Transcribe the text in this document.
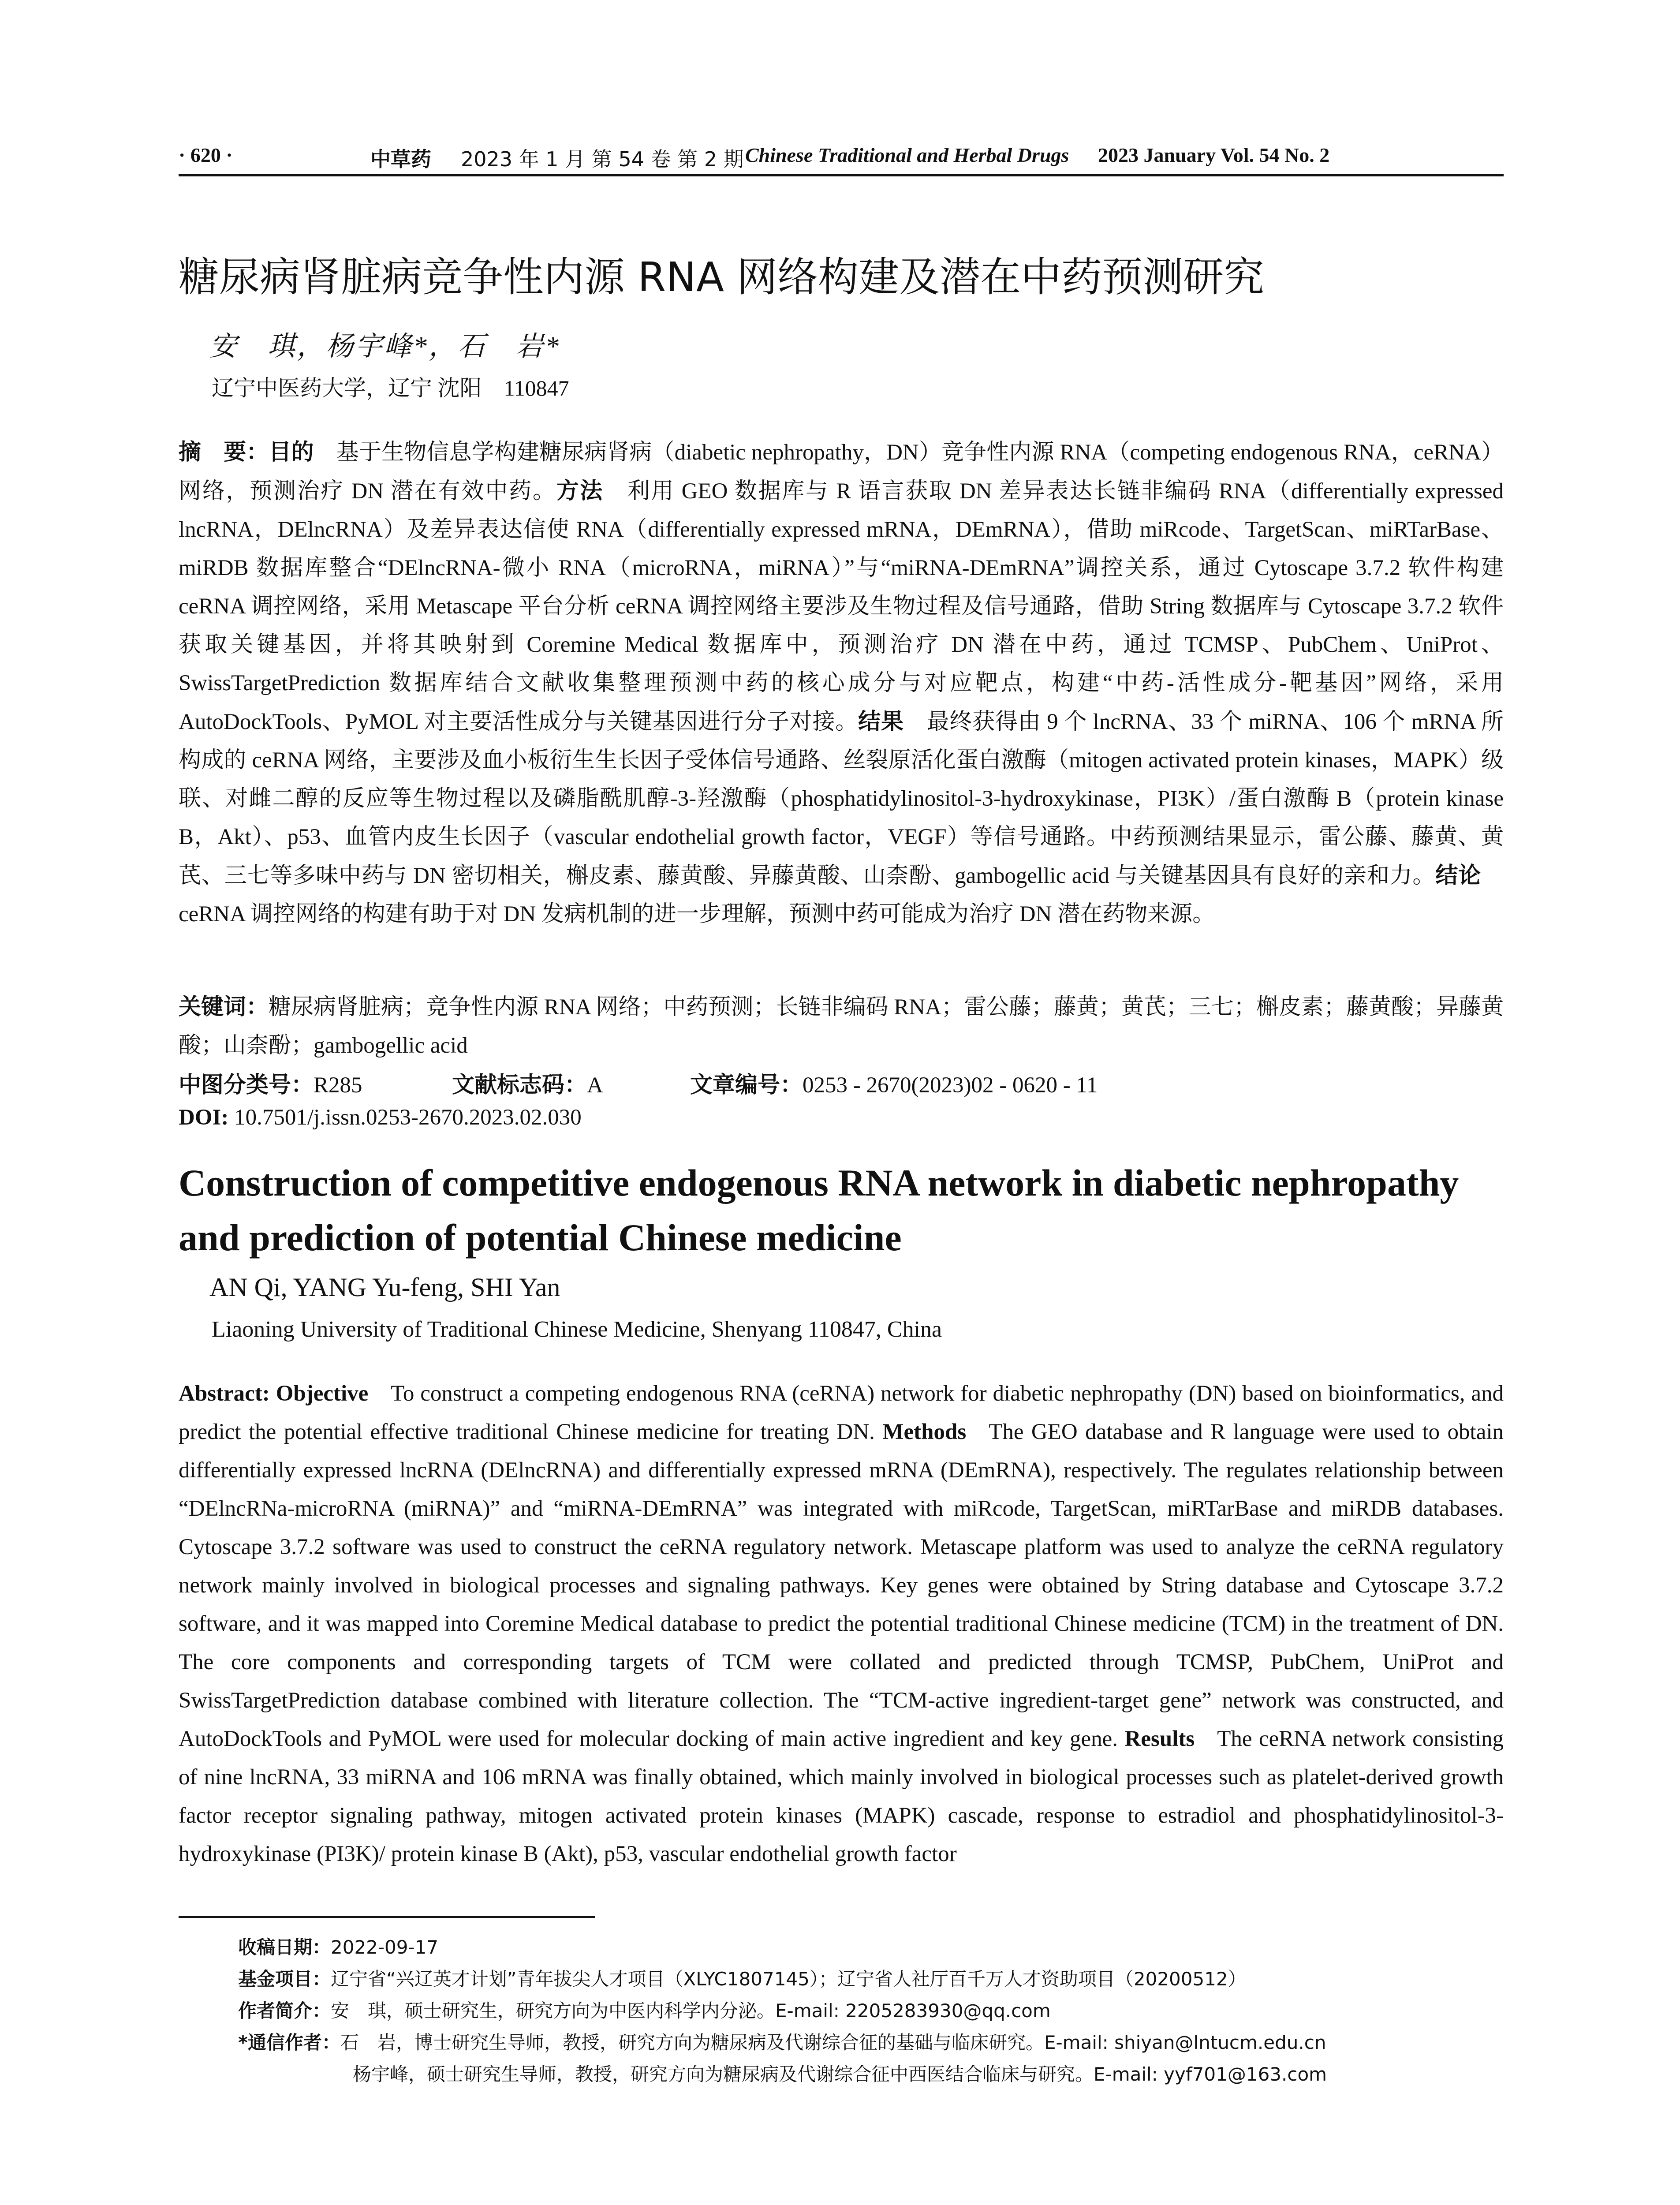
· 620 ·	中草药 2023 年 1 月 第 54 卷 第 2 期 Chinese Traditional and Herbal Drugs 2023 January Vol. 54 No. 2
糖尿病肾脏病竞争性内源 RNA 网络构建及潜在中药预测研究
安　琪，杨宇峰*，石　岩*
辽宁中医药大学，辽宁 沈阳　110847
摘　要：目的  基于生物信息学构建糖尿病肾病（diabetic nephropathy，DN）竞争性内源 RNA（competing endogenous RNA，ceRNA）网络，预测治疗 DN 潜在有效中药。方法  利用 GEO 数据库与 R 语言获取 DN 差异表达长链非编码 RNA（differentially expressed lncRNA，DElncRNA）及差异表达信使 RNA（differentially expressed mRNA，DEmRNA），借助 miRcode、TargetScan、miRTarBase、miRDB 数据库整合“DElncRNA-微小 RNA（microRNA，miRNA）”与“miRNA-DEmRNA”调控关系，通过 Cytoscape 3.7.2 软件构建 ceRNA 调控网络，采用 Metascape 平台分析 ceRNA 调控网络主要涉及生物过程及信号通路，借助 String 数据库与 Cytoscape 3.7.2 软件获取关键基因，并将其映射到 Coremine Medical 数据库中，预测治疗 DN 潜在中药，通过 TCMSP、PubChem、UniProt、SwissTargetPrediction 数据库结合文献收集整理预测中药的核心成分与对应靶点，构建“中药-活性成分-靶基因”网络，采用 AutoDockTools、PyMOL 对主要活性成分与关键基因进行分子对接。结果  最终获得由 9 个 lncRNA、33 个 miRNA、106 个 mRNA 所构成的 ceRNA 网络，主要涉及血小板衍生生长因子受体信号通路、丝裂原活化蛋白激酶（mitogen activated protein kinases，MAPK）级联、对雌二醇的反应等生物过程以及磷脂酰肌醇-3-羟激酶（phosphatidylinositol-3-hydroxykinase，PI3K）/蛋白激酶 B（protein kinase B，Akt）、p53、血管内皮生长因子（vascular endothelial growth factor，VEGF）等信号通路。中药预测结果显示，雷公藤、藤黄、黄芪、三七等多味中药与 DN 密切相关，槲皮素、藤黄酸、异藤黄酸、山柰酚、gambogellic acid 与关键基因具有良好的亲和力。结论 ceRNA 调控网络的构建有助于对 DN 发病机制的进一步理解，预测中药可能成为治疗 DN 潜在药物来源。
关键词：糖尿病肾脏病；竞争性内源 RNA 网络；中药预测；长链非编码 RNA；雷公藤；藤黄；黄芪；三七；槲皮素；藤黄酸；异藤黄酸；山柰酚；gambogellic acid
中图分类号：R285	文献标志码：A	文章编号：0253 - 2670(2023)02 - 0620 - 11
DOI: 10.7501/j.issn.0253-2670.2023.02.030
Construction of competitive endogenous RNA network in diabetic nephropathy and prediction of potential Chinese medicine
AN Qi, YANG Yu-feng, SHI Yan
Liaoning University of Traditional Chinese Medicine, Shenyang 110847, China
Abstract: Objective  To construct a competing endogenous RNA (ceRNA) network for diabetic nephropathy (DN) based on bioinformatics, and predict the potential effective traditional Chinese medicine for treating DN. Methods  The GEO database and R language were used to obtain differentially expressed lncRNA (DElncRNA) and differentially expressed mRNA (DEmRNA), respectively. The regulates relationship between “DElncRNa-microRNA (miRNA)” and “miRNA-DEmRNA” was integrated with miRcode, TargetScan, miRTarBase and miRDB databases. Cytoscape 3.7.2 software was used to construct the ceRNA regulatory network. Metascape platform was used to analyze the ceRNA regulatory network mainly involved in biological processes and signaling pathways. Key genes were obtained by String database and Cytoscape 3.7.2 software, and it was mapped into Coremine Medical database to predict the potential traditional Chinese medicine (TCM) in the treatment of DN. The core components and corresponding targets of TCM were collated and predicted through TCMSP, PubChem, UniProt and SwissTargetPrediction database combined with literature collection. The “TCM-active ingredient-target gene” network was constructed, and AutoDockTools and PyMOL were used for molecular docking of main active ingredient and key gene. Results  The ceRNA network consisting of nine lncRNA, 33 miRNA and 106 mRNA was finally obtained, which mainly involved in biological processes such as platelet-derived growth factor receptor signaling pathway, mitogen activated protein kinases (MAPK) cascade, response to estradiol and phosphatidylinositol-3-hydroxykinase (PI3K)/ protein kinase B (Akt), p53, vascular endothelial growth factor
收稿日期：2022-09-17
基金项目：辽宁省“兴辽英才计划”青年拔尖人才项目（XLYC1807145）；辽宁省人社厅百千万人才资助项目（20200512）
作者简介：安　琪，硕士研究生，研究方向为中医内科学内分泌。E-mail: 2205283930@qq.com
*通信作者：石　岩，博士研究生导师，教授，研究方向为糖尿病及代谢综合征的基础与临床研究。E-mail: shiyan@lntucm.edu.cn
杨宇峰，硕士研究生导师，教授，研究方向为糖尿病及代谢综合征中西医结合临床与研究。E-mail: yyf701@163.com
